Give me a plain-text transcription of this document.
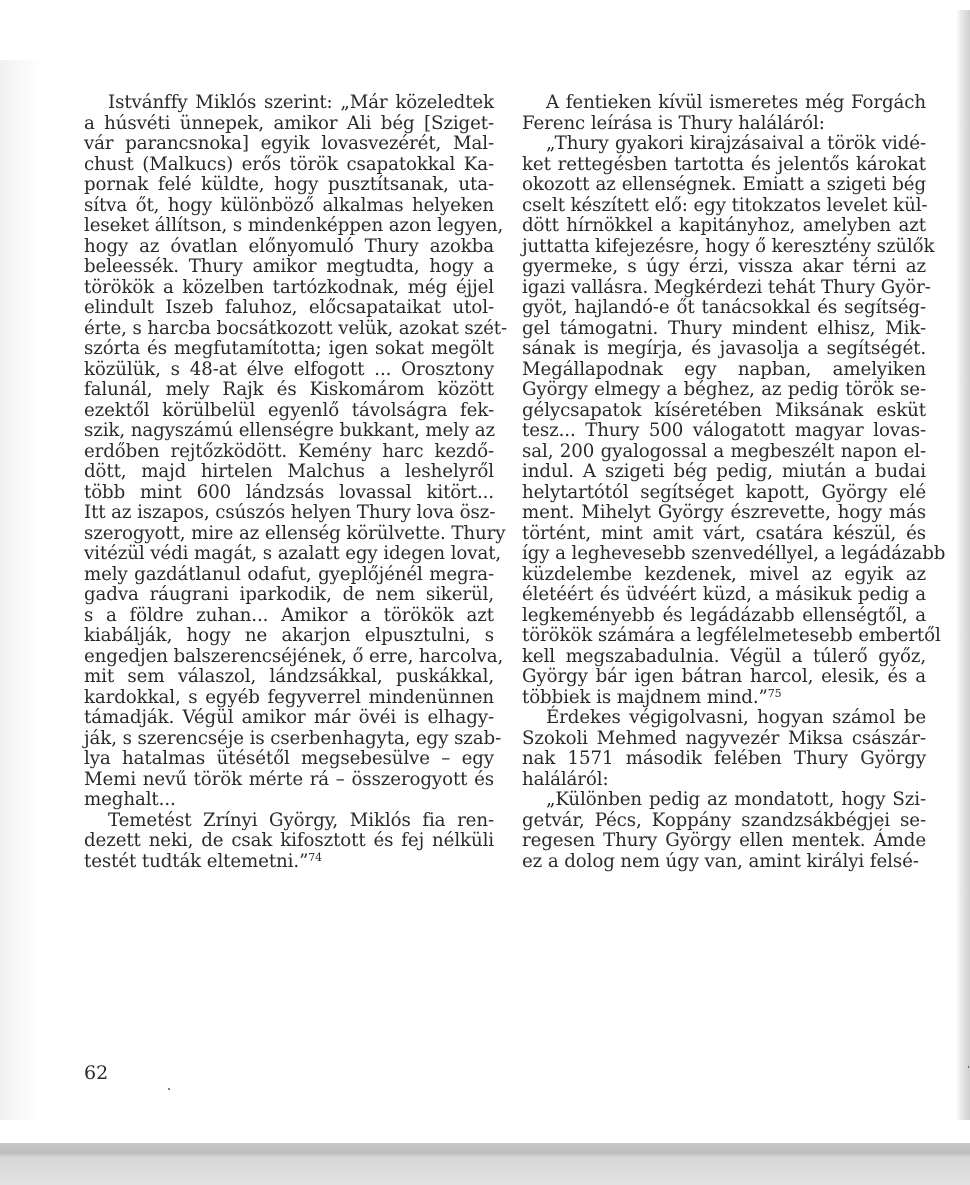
Istvánffy Miklós szerint: „Már közeledtek
a húsvéti ünnepek, amikor Ali bég [Sziget-
vár parancsnoka] egyik lovasvezérét, Mal-
chust (Malkucs) erős török csapatokkal Ka-
pornak felé küldte, hogy pusztítsanak, uta-
sítva őt, hogy különböző alkalmas helyeken
leseket állítson, s mindenképpen azon legyen,
hogy az óvatlan előnyomuló Thury azokba
beleessék. Thury amikor megtudta, hogy a
törökök a közelben tartózkodnak, még éjjel
elindult Iszeb faluhoz, előcsapataikat utol-
érte, s harcba bocsátkozott velük, azokat szét-
szórta és megfutamította; igen sokat megölt
közülük, s 48-at élve elfogott ... Orosztony
falunál, mely Rajk és Kiskomárom között
ezektől körülbelül egyenlő távolságra fek-
szik, nagyszámú ellenségre bukkant, mely az
erdőben rejtőzködött. Kemény harc kezdő-
dött, majd hirtelen Malchus a leshelyről
több mint 600 lándzsás lovassal kitört...
Itt az iszapos, csúszós helyen Thury lova ösz-
szerogyott, mire az ellenség körülvette. Thury
vitézül védi magát, s azalatt egy idegen lovat,
mely gazdátlanul odafut, gyeplőjénél megra-
gadva ráugrani iparkodik, de nem sikerül,
s a földre zuhan... Amikor a törökök azt
kiabálják, hogy ne akarjon elpusztulni, s
engedjen balszerencséjének, ő erre, harcolva,
mit sem válaszol, lándzsákkal, puskákkal,
kardokkal, s egyéb fegyverrel mindenünnen
támadják. Végül amikor már övéi is elhagy-
ják, s szerencséje is cserbenhagyta, egy szab-
lya hatalmas ütésétől megsebesülve – egy
Memi nevű török mérte rá – összerogyott és
meghalt...
Temetést Zrínyi György, Miklós fia ren-
dezett neki, de csak kifosztott és fej nélküli
testét tudták eltemetni.”$^{74}$
A fentieken kívül ismeretes még Forgách
Ferenc leírása is Thury haláláról:
„Thury gyakori kirajzásaival a török vidé-
ket rettegésben tartotta és jelentős károkat
okozott az ellenségnek. Emiatt a szigeti bég
cselt készített elő: egy titokzatos levelet kül-
dött hírnökkel a kapitányhoz, amelyben azt
juttatta kifejezésre, hogy ő keresztény szülők
gyermeke, s úgy érzi, vissza akar térni az
igazi vallásra. Megkérdezi tehát Thury Györ-
gyöt, hajlandó-e őt tanácsokkal és segítség-
gel támogatni. Thury mindent elhisz, Mik-
sának is megírja, és javasolja a segítségét.
Megállapodnak egy napban, amelyiken
György elmegy a béghez, az pedig török se-
gélycsapatok kíséretében Miksának esküt
tesz... Thury 500 válogatott magyar lovas-
sal, 200 gyalogossal a megbeszélt napon el-
indul. A szigeti bég pedig, miután a budai
helytartótól segítséget kapott, György elé
ment. Mihelyt György észrevette, hogy más
történt, mint amit várt, csatára készül, és
így a leghevesebb szenvedéllyel, a legádázabb
küzdelembe kezdenek, mivel az egyik az
életéért és üdvéért küzd, a másikuk pedig a
legkeményebb és legádázabb ellenségtől, a
törökök számára a legfélelmetesebb embertől
kell megszabadulnia. Végül a túlerő győz,
György bár igen bátran harcol, elesik, és a
többiek is majdnem mind.”$^{75}$
Érdekes végigolvasni, hogyan számol be
Szokoli Mehmed nagyvezér Miksa császár-
nak 1571 második felében Thury György
haláláról:
„Különben pedig az mondatott, hogy Szi-
getvár, Pécs, Koppány szandzsákbégjei se-
regesen Thury György ellen mentek. Ámde
ez a dolog nem úgy van, amint királyi felsé-
62
